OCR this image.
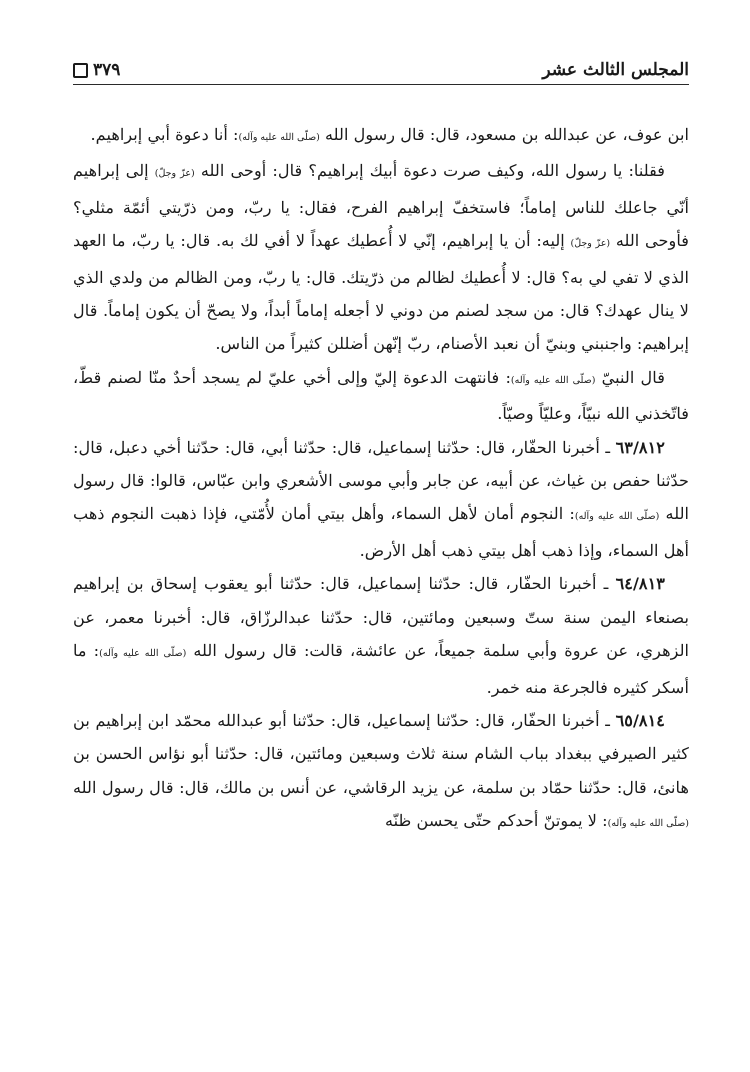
المجلس الثالث عشر
٣٧٩

ابن عوف، عن عبدالله بن مسعود، قال: قال رسول الله (صلّى الله عليه وآله): أنا دعوة أبي إبراهيم.

فقلنا: يا رسول الله، وكيف صرت دعوة أبيك إبراهيم؟ قال: أوحى الله (عزّ وجلّ) إلى إبراهيم أنّي جاعلك للناس إماماً؛ فاستخفّ إبراهيم الفرح، فقال: يا ربّ، ومن ذرّيتي أئمّة مثلي؟ فأوحى الله (عزّ وجلّ) إليه: أن يا إبراهيم، إنّي لا أُعطيك عهداً لا أفي لك به. قال: يا ربّ، ما العهد الذي لا تفي لي به؟ قال: لا أُعطيك لظالم من ذرّيتك. قال: يا ربّ، ومن الظالم من ولدي الذي لا ينال عهدك؟ قال: من سجد لصنم من دوني لا أجعله إماماً أبداً، ولا يصحّ أن يكون إماماً. قال إبراهيم: واجنبني وبنيّ أن نعبد الأصنام، ربّ إنّهن أضللن كثيراً من الناس.

قال النبيّ (صلّى الله عليه وآله): فانتهت الدعوة إليّ وإلى أخي عليّ لم يسجد أحدٌ منّا لصنم قطّ، فاتّخذني الله نبيّاً، وعليّاً وصيّاً.

٦٣/٨١٢ ـ أخبرنا الحفّار، قال: حدّثنا إسماعيل، قال: حدّثنا أبي، قال: حدّثنا أخي دعبل، قال: حدّثنا حفص بن غياث، عن أبيه، عن جابر وأبي موسى الأشعري وابن عبّاس، قالوا: قال رسول الله (صلّى الله عليه وآله): النجوم أمان لأهل السماء، وأهل بيتي أمان لأُمّتي، فإذا ذهبت النجوم ذهب أهل السماء، وإذا ذهب أهل بيتي ذهب أهل الأرض.

٦٤/٨١٣ ـ أخبرنا الحفّار، قال: حدّثنا إسماعيل، قال: حدّثنا أبو يعقوب إسحاق بن إبراهيم بصنعاء اليمن سنة ستّ وسبعين ومائتين، قال: حدّثنا عبدالرزّاق، قال: أخبرنا معمر، عن الزهري، عن عروة وأبي سلمة جميعاً، عن عائشة، قالت: قال رسول الله (صلّى الله عليه وآله): ما أسكر كثيره فالجرعة منه خمر.

٦٥/٨١٤ ـ أخبرنا الحفّار، قال: حدّثنا إسماعيل، قال: حدّثنا أبو عبدالله محمّد ابن إبراهيم بن كثير الصيرفي ببغداد بباب الشام سنة ثلاث وسبعين ومائتين، قال: حدّثنا أبو نؤاس الحسن بن هانئ، قال: حدّثنا حمّاد بن سلمة، عن يزيد الرقاشي، عن أنس بن مالك، قال: قال رسول الله (صلّى الله عليه وآله): لا يموتنّ أحدكم حتّى يحسن ظنّه
